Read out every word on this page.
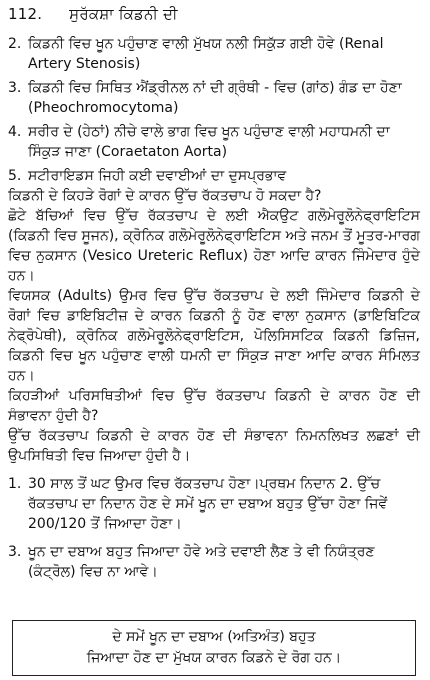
112. ਸੁਰੱਕਸ਼ਾ ਕਿਡਨੀ ਦੀ
2. ਕਿਡਨੀ ਵਿਚ ਖੂਨ ਪਹੁੰਚਾਣ ਵਾਲੀ ਮੁੱਖਯ ਨਲੀ ਸਿਕੁੱੜ ਗਈ ਹੋਵੇ (Renal Artery Stenosis)
3. ਕਿਡਨੀ ਵਿਚ ਸਿਥਿਤ ਐਂਡ੍ਰੀਨਲ ਨਾਂ ਦੀ ਗ੍ਰੰਥੀ - ਵਿਚ (ਗਾਂਠ) ਗੰਡ ਦਾ ਹੋਣਾ (Pheochromocytoma)
4. ਸਰੀਰ ਦੇ (ਹੇਠਾਂ) ਨੀਚੇ ਵਾਲੇ ਭਾਗ ਵਿਚ ਖੂਨ ਪਹੁੰਚਾਣ ਵਾਲੀ ਮਹਾਧਮਨੀ ਦਾ ਸਿੰਕੁੜ ਜਾਣਾ (Coraetaton Aorta)
5. ਸਟੀਰਾਇਡਸ ਜਿਹੀ ਕਈ ਦਵਾਈਆਂ ਦਾ ਦੁਸਪ੍ਰਭਾਵ

ਕਿਡਨੀ ਦੇ ਕਿਹੜੇ ਰੋਗਾਂ ਦੇ ਕਾਰਨ ਉੱਚ ਰੱਕਤਚਾਪ ਹੋ ਸਕਦਾ ਹੈ?

ਛੋਟੇ ਬੱਚਿਆਂ ਵਿਚ ਉੱਚ ਰੱਕਤਚਾਪ ਦੇ ਲਈ ਐਕਉਟ ਗਲੋਮੇਰੂਲੋਨੇਫ੍ਰਾਇਟਿਸ (ਕਿਡਨੀ ਵਿਚ ਸੂਜਨ), ਕ੍ਰੋਨਿਕ ਗਲੋਮੇਰੂਲੋਨੇਫ੍ਰਾਇਟਿਸ ਅਤੇ ਜਨਮ ਤੋਂ ਮੂਤਰ-ਮਾਰਗ ਵਿਚ ਨੁਕਸਾਨ (Vesico Ureteric Reflux) ਹੋਣਾ ਆਦਿ ਕਾਰਨ ਜਿੰਮੇਦਾਰ ਹੁੰਦੇ ਹਨ।

ਵਿਯਸਕ (Adults) ਉਮਰ ਵਿਚ ਉੱਚ ਰੱਕਤਚਾਪ ਦੇ ਲਈ ਜਿੰਮੇਦਾਰ ਕਿਡਨੀ ਦੇ ਰੋਗਾਂ ਵਿਚ ਡਾਇਬਿਟੀਜ਼ ਦੇ ਕਾਰਨ ਕਿਡਨੀ ਨੂੰ ਹੋਣ ਵਾਲਾ ਨੁਕਸਾਨ (ਡਾਇਬਿਟਿਕ ਨੇਫ੍ਰੋਪੇਥੀ), ਕ੍ਰੋਨਿਕ ਗਲੋਮੇਰੂਲੋਨੇਫ੍ਰਾਇਟਿਸ, ਪੋਲਿਸਿਸਟਿਕ ਕਿਡਨੀ ਡਿਜ਼ਿਜ, ਕਿਡਨੀ ਵਿਚ ਖੂਨ ਪਹੁੰਚਾਣ ਵਾਲੀ ਧਮਨੀ ਦਾ ਸਿੰਕੁੜ ਜਾਣਾ ਆਦਿ ਕਾਰਨ ਸੰਮਿਲਤ ਹਨ।

ਕਿਹੜੀਆਂ ਪਰਿਸਥਿਤੀਆਂ ਵਿਚ ਉੱਚ ਰੱਕਤਚਾਪ ਕਿਡਨੀ ਦੇ ਕਾਰਨ ਹੋਣ ਦੀ ਸੰਭਾਵਨਾ ਹੁੰਦੀ ਹੈ?

ਉੱਚ ਰੱਕਤਚਾਪ ਕਿਡਨੀ ਦੇ ਕਾਰਨ ਹੋਣ ਦੀ ਸੰਭਾਵਨਾ ਨਿਮਨਲਿਖਤ ਲਛਣਾਂ ਦੀ ਉਪਸਿਥਿਤੀ ਵਿਚ ਜਿਆਦਾ ਹੁੰਦੀ ਹੈ।

1. 30 ਸਾਲ ਤੋਂ ਘਟ ਉਮਰ ਵਿਚ ਰੱਕਤਚਾਪ ਹੋਣਾ।ਪ੍ਰਥਮ ਨਿਦਾਨ 2. ਉੱਚ ਰੱਕਤਚਾਪ ਦਾ ਨਿਦਾਨ ਹੋਣ ਦੇ ਸਮੇਂ ਖੂਨ ਦਾ ਦਬਾਅ ਬਹੁਤ ਉੱਚਾ ਹੋਣਾ ਜਿਵੇਂ 200/120 ਤੋਂ ਜਿਆਦਾ ਹੋਣਾ।
3. ਖੂਨ ਦਾ ਦਬਾਅ ਬਹੁਤ ਜਿਆਦਾ ਹੋਵੇ ਅਤੇ ਦਵਾਈ ਲੈਣ ਤੇ ਵੀ ਨਿਯੰਤ੍ਰਣ (ਕੰਟ੍ਰੋਲ) ਵਿਚ ਨਾ ਆਵੇ।
ਦੇ ਸਮੇਂ ਖੂਨ ਦਾ ਦਬਾਅ (ਅਤਿਅੰਤ) ਬਹੁਤ
ਜਿਆਦਾ ਹੋਣ ਦਾ ਮੁੱਖਯ ਕਾਰਨ ਕਿਡਨੇ ਦੇ ਰੋਗ ਹਨ।
